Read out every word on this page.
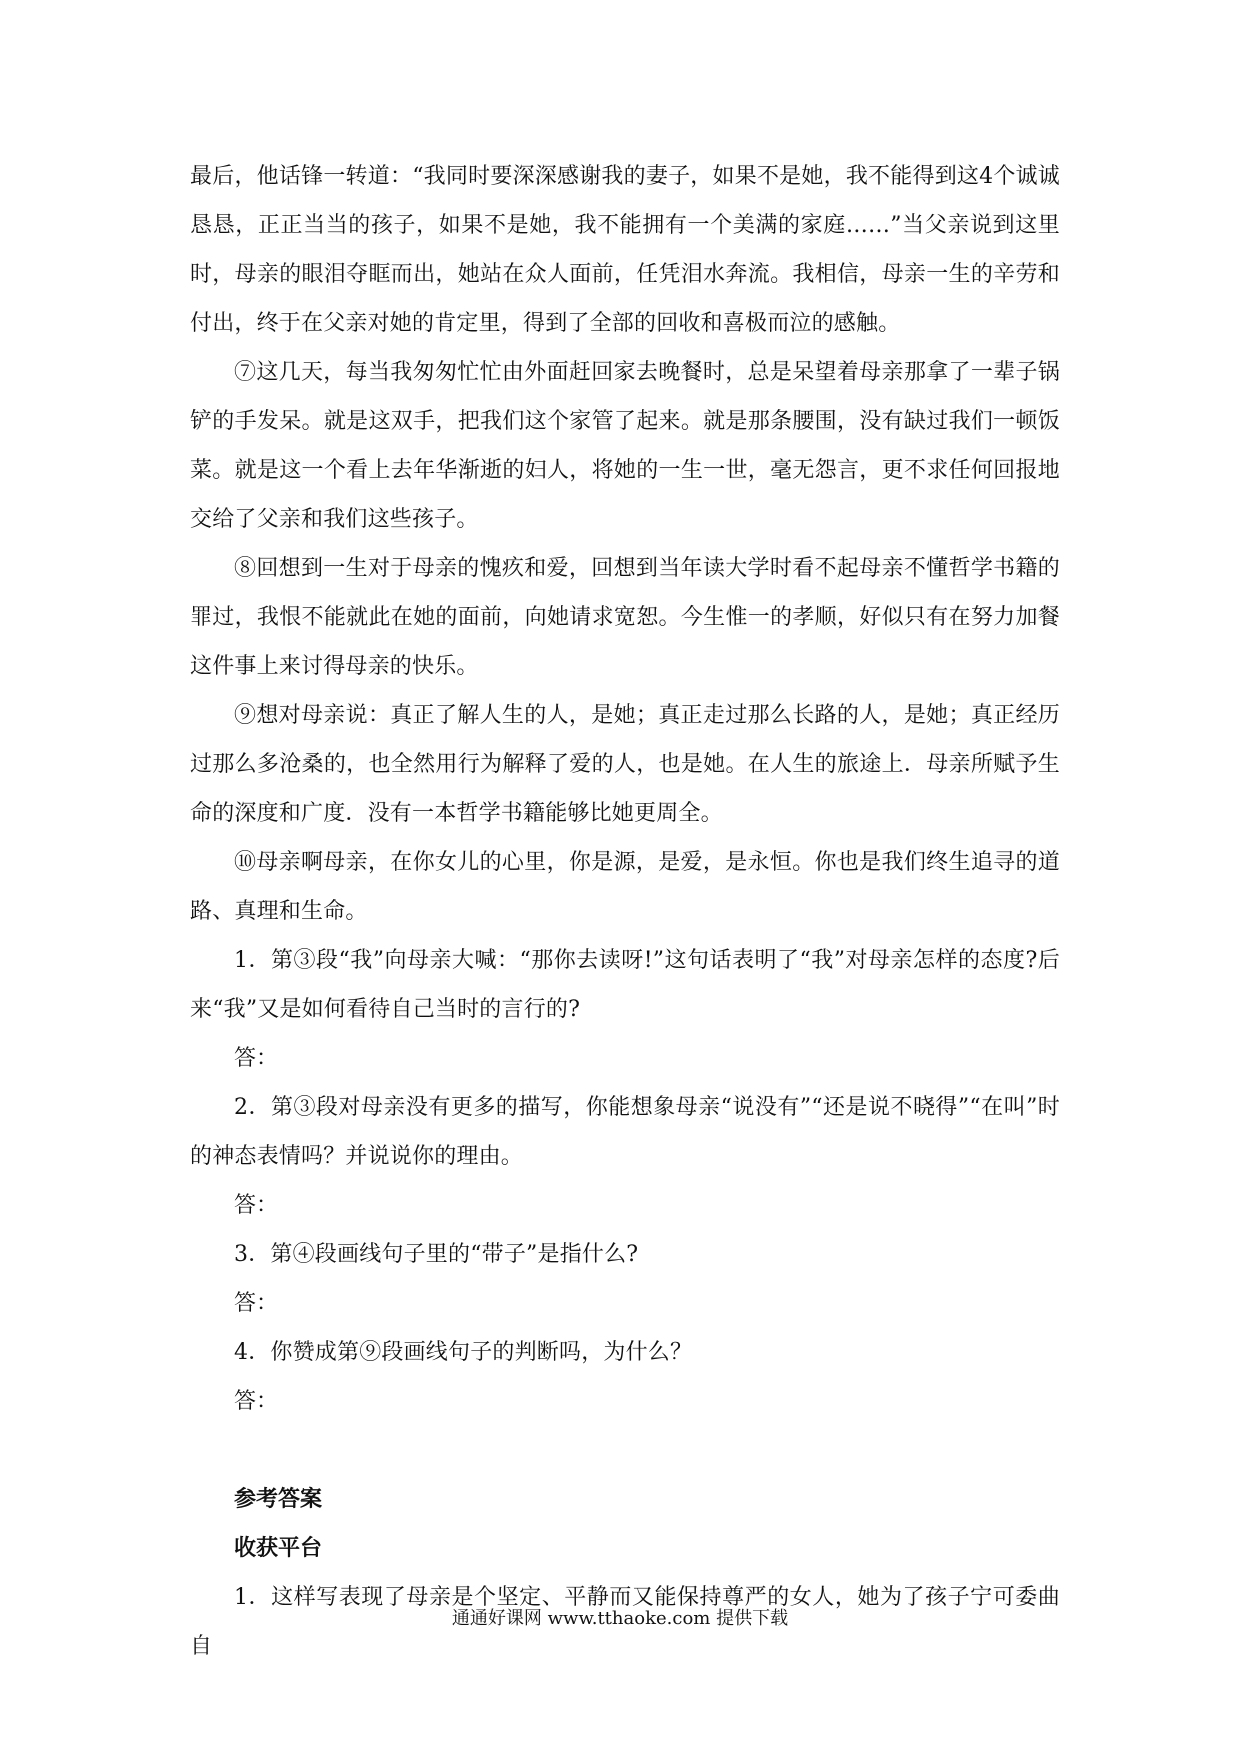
最后，他话锋一转道：“我同时要深深感谢我的妻子，如果不是她，我不能得到这4个诚诚恳恳，正正当当的孩子，如果不是她，我不能拥有一个美满的家庭……”当父亲说到这里时，母亲的眼泪夺眶而出，她站在众人面前，任凭泪水奔流。我相信，母亲一生的辛劳和付出，终于在父亲对她的肯定里，得到了全部的回收和喜极而泣的感触。

⑦这几天，每当我匆匆忙忙由外面赶回家去晚餐时，总是呆望着母亲那拿了一辈子锅铲的手发呆。就是这双手，把我们这个家管了起来。就是那条腰围，没有缺过我们一顿饭菜。就是这一个看上去年华渐逝的妇人，将她的一生一世，毫无怨言，更不求任何回报地交给了父亲和我们这些孩子。

⑧回想到一生对于母亲的愧疚和爱，回想到当年读大学时看不起母亲不懂哲学书籍的罪过，我恨不能就此在她的面前，向她请求宽恕。今生惟一的孝顺，好似只有在努力加餐这件事上来讨得母亲的快乐。

⑨想对母亲说：真正了解人生的人，是她；真正走过那么长路的人，是她；真正经历过那么多沧桑的，也全然用行为解释了爱的人，也是她。在人生的旅途上．母亲所赋予生命的深度和广度．没有一本哲学书籍能够比她更周全。

⑩母亲啊母亲，在你女儿的心里，你是源，是爱，是永恒。你也是我们终生追寻的道路、真理和生命。

1．第③段“我”向母亲大喊：“那你去读呀!”这句话表明了“我”对母亲怎样的态度?后来“我”又是如何看待自己当时的言行的?

答：

2．第③段对母亲没有更多的描写，你能想象母亲“说没有”“还是说不晓得”“在叫”时的神态表情吗？并说说你的理由。

答：

3．第④段画线句子里的“带子”是指什么?

答：

4．你赞成第⑨段画线句子的判断吗，为什么？

答：

参考答案

收获平台

1．这样写表现了母亲是个坚定、平静而又能保持尊严的女人，她为了孩子宁可委曲自

通通好课网 www.tthaoke.com 提供下载
